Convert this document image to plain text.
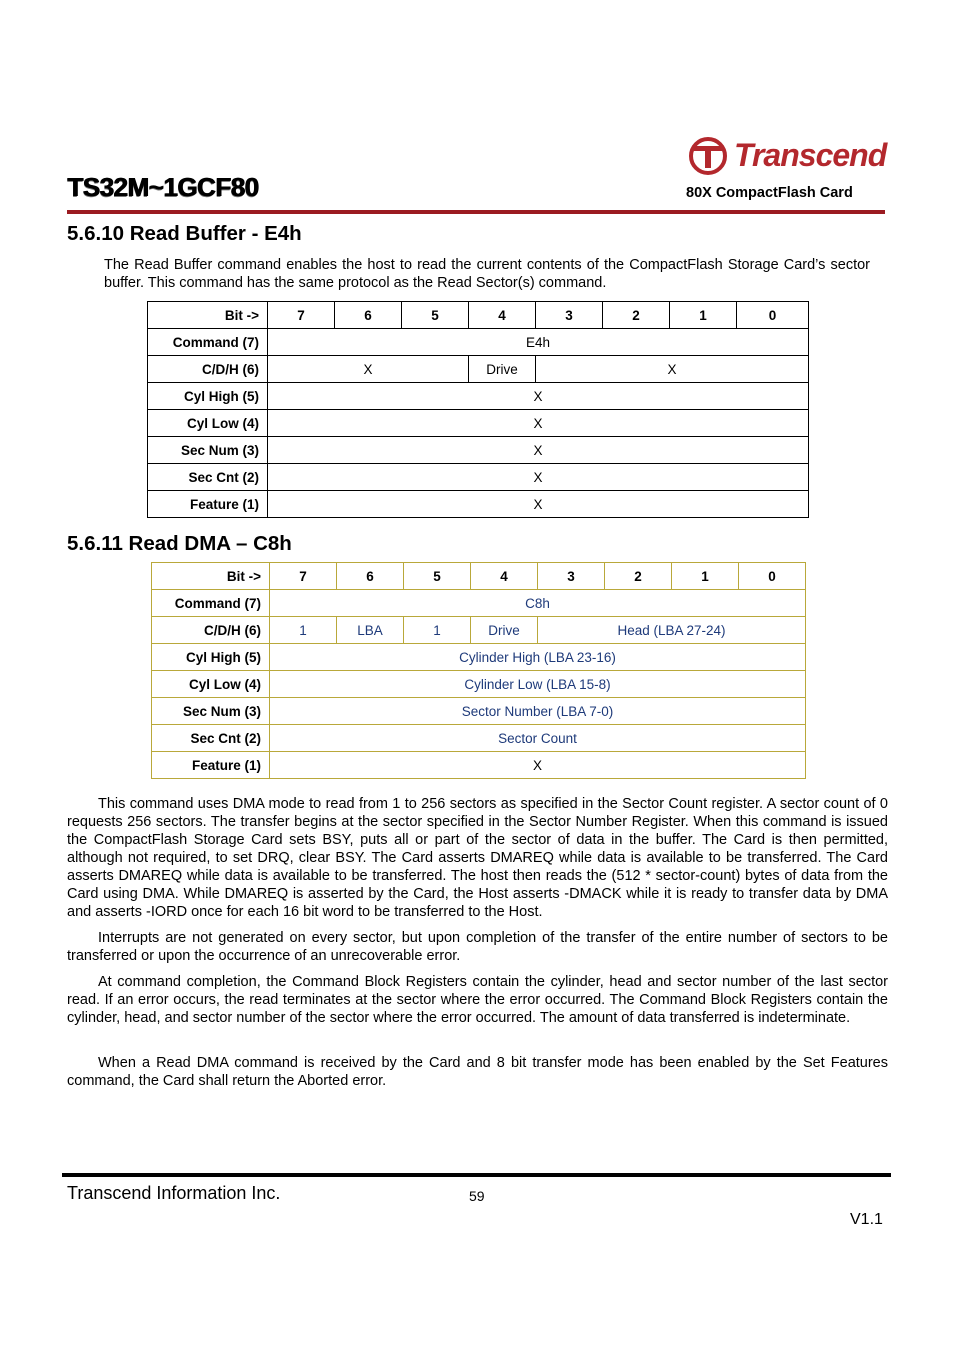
Transcend
TS32M~1GCF80	80X CompactFlash Card
5.6.10 Read Buffer - E4h
The Read Buffer command enables the host to read the current contents of the CompactFlash Storage Card’s sector buffer. This command has the same protocol as the Read Sector(s) command.
Bit ->	7	6	5	4	3	2	1	0
Command (7)	E4h							
C/D/H (6)	X			Drive	X			
Cyl High (5)	X							
Cyl Low (4)	X							
Sec Num (3)	X							
Sec Cnt (2)	X							
Feature (1)	X							
5.6.11 Read DMA – C8h
Bit ->	7	6	5	4	3	2	1	0
Command (7)	C8h							
C/D/H (6)	1	LBA	1	Drive	Head (LBA 27-24)			
Cyl High (5)	Cylinder High (LBA 23-16)							
Cyl Low (4)	Cylinder Low (LBA 15-8)							
Sec Num (3)	Sector Number (LBA 7-0)							
Sec Cnt (2)	Sector Count							
Feature (1)	X							
This command uses DMA mode to read from 1 to 256 sectors as specified in the Sector Count register. A sector count of 0 requests 256 sectors. The transfer begins at the sector specified in the Sector Number Register. When this command is issued the CompactFlash Storage Card sets BSY, puts all or part of the sector of data in the buffer. The Card is then permitted, although not required, to set DRQ, clear BSY. The Card asserts DMAREQ while data is available to be transferred. The Card asserts DMAREQ while data is available to be transferred. The host then reads the (512 * sector-count) bytes of data from the Card using DMA. While DMAREQ is asserted by the Card, the Host asserts -DMACK while it is ready to transfer data by DMA and asserts -IORD once for each 16 bit word to be transferred to the Host.
Interrupts are not generated on every sector, but upon completion of the transfer of the entire number of sectors to be transferred or upon the occurrence of an unrecoverable error.
At command completion, the Command Block Registers contain the cylinder, head and sector number of the last sector read. If an error occurs, the read terminates at the sector where the error occurred. The Command Block Registers contain the cylinder, head, and sector number of the sector where the error occurred. The amount of data transferred is indeterminate.
When a Read DMA command is received by the Card and 8 bit transfer mode has been enabled by the Set Features command, the Card shall return the Aborted error.
Transcend Information Inc.	59
V1.1
